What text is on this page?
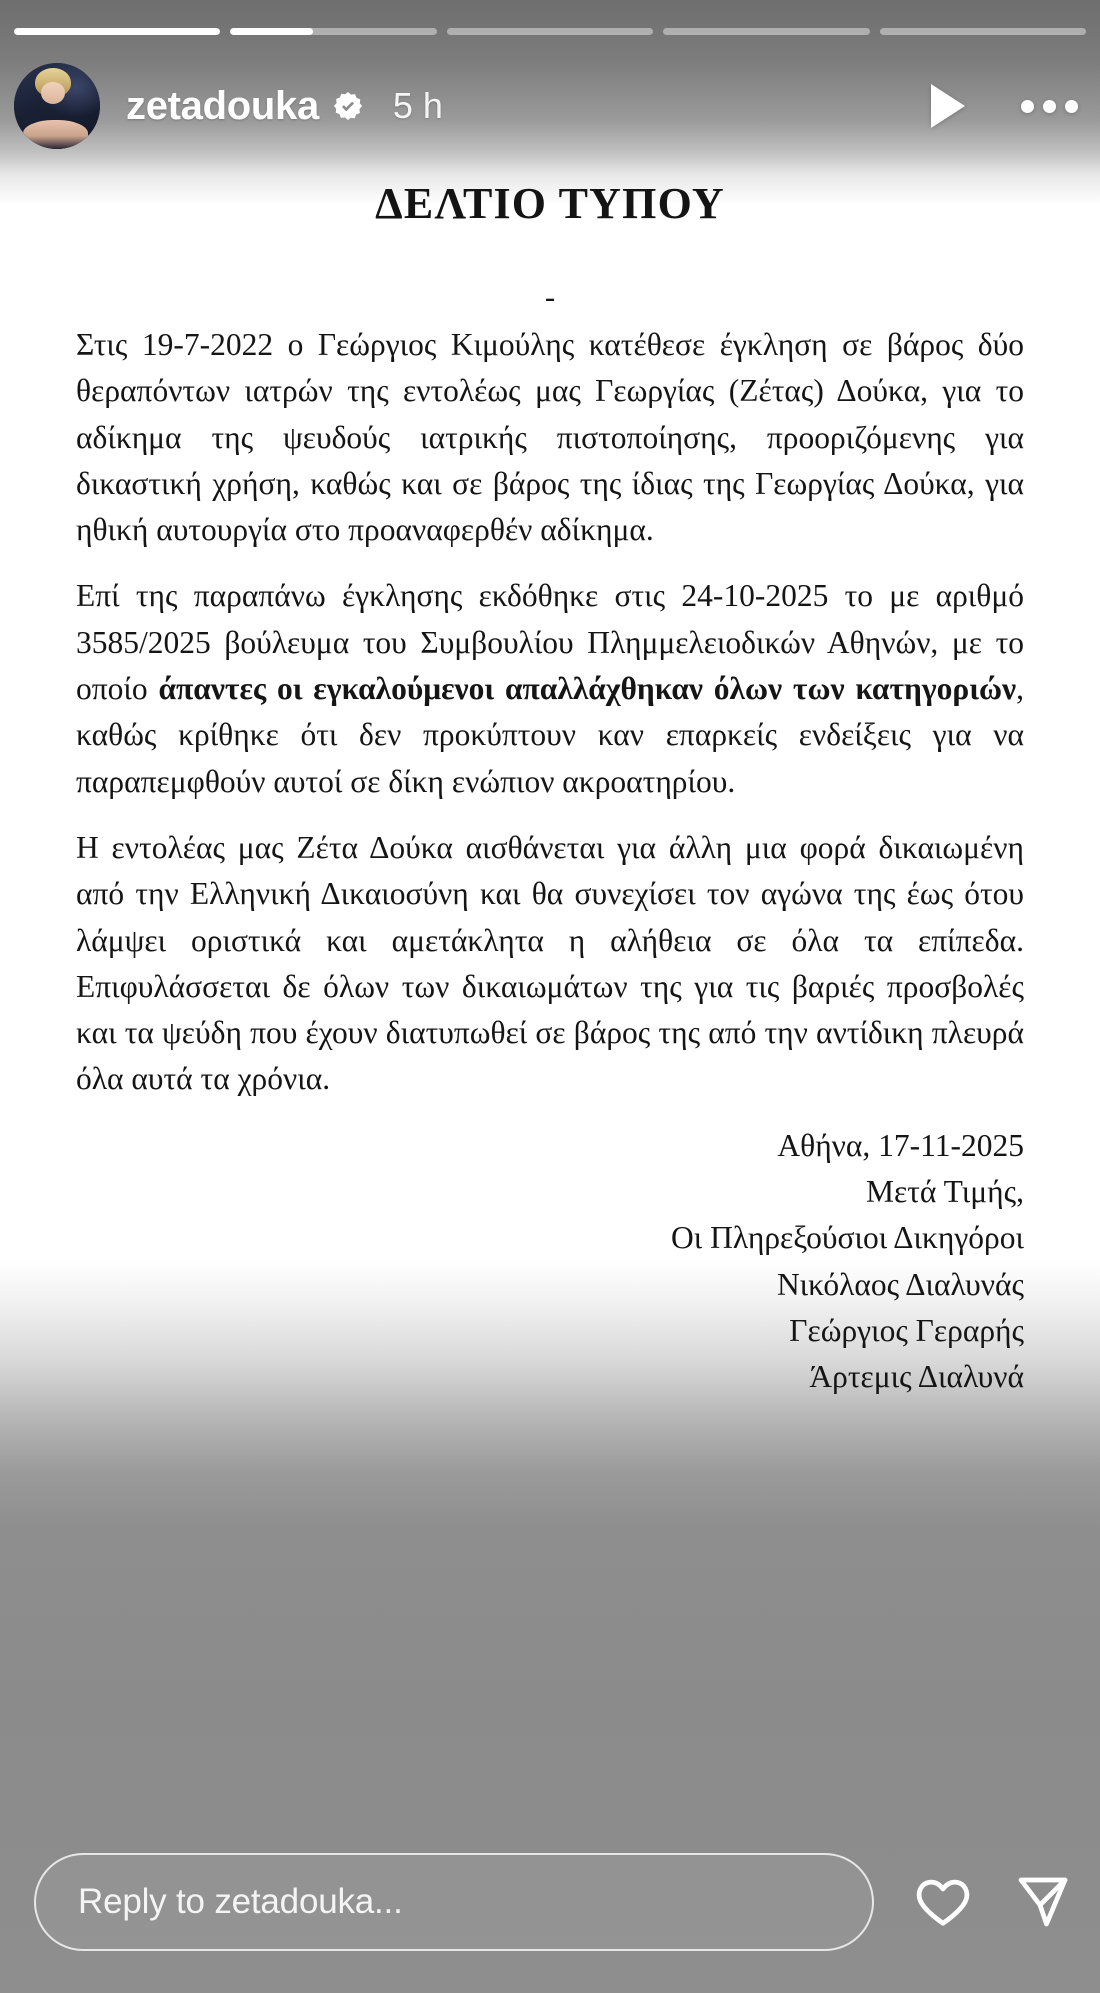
zetadouka 5 h
ΔΕΛΤΙΟ ΤΥΠΟΥ
-

Στις 19-7-2022 ο Γεώργιος Κιμούλης κατέθεσε έγκληση σε βάρος δύο θεραπόντων ιατρών της εντολέως μας Γεωργίας (Ζέτας) Δούκα, για το αδίκημα της ψευδούς ιατρικής πιστοποίησης, προοριζόμενης για δικαστική χρήση, καθώς και σε βάρος της ίδιας της Γεωργίας Δούκα, για ηθική αυτουργία στο προαναφερθέν αδίκημα.

Επί της παραπάνω έγκλησης εκδόθηκε στις 24-10-2025 το με αριθμό 3585/2025 βούλευμα του Συμβουλίου Πλημμελειοδικών Αθηνών, με το οποίο άπαντες οι εγκαλούμενοι απαλλάχθηκαν όλων των κατηγοριών, καθώς κρίθηκε ότι δεν προκύπτουν καν επαρκείς ενδείξεις για να παραπεμφθούν αυτοί σε δίκη ενώπιον ακροατηρίου.

Η εντολέας μας Ζέτα Δούκα αισθάνεται για άλλη μια φορά δικαιωμένη από την Ελληνική Δικαιοσύνη και θα συνεχίσει τον αγώνα της έως ότου λάμψει οριστικά και αμετάκλητα η αλήθεια σε όλα τα επίπεδα. Επιφυλάσσεται δε όλων των δικαιωμάτων της για τις βαριές προσβολές και τα ψεύδη που έχουν διατυπωθεί σε βάρος της από την αντίδικη πλευρά όλα αυτά τα χρόνια.

Αθήνα, 17-11-2025
Μετά Τιμής,
Οι Πληρεξούσιοι Δικηγόροι
Νικόλαος Διαλυνάς
Γεώργιος Γεραρής
Άρτεμις Διαλυνά
Reply to zetadouka...
